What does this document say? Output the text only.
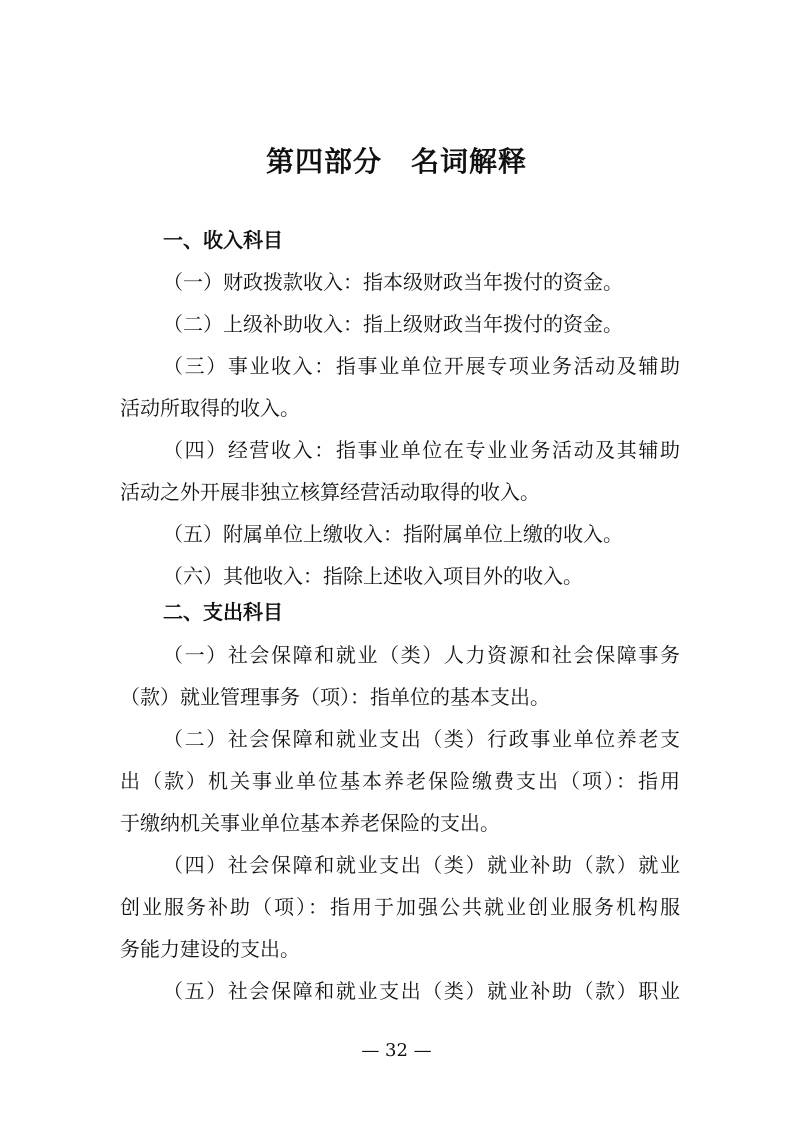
第四部分　名词解释
一、收入科目
（一）财政拨款收入：指本级财政当年拨付的资金。
（二）上级补助收入：指上级财政当年拨付的资金。
（三）事业收入：指事业单位开展专项业务活动及辅助
活动所取得的收入。
（四）经营收入：指事业单位在专业业务活动及其辅助
活动之外开展非独立核算经营活动取得的收入。
（五）附属单位上缴收入：指附属单位上缴的收入。
（六）其他收入：指除上述收入项目外的收入。
二、支出科目
（一）社会保障和就业（类）人力资源和社会保障事务
（款）就业管理事务（项）：指单位的基本支出。
（二）社会保障和就业支出（类）行政事业单位养老支
出（款）机关事业单位基本养老保险缴费支出（项）：指用
于缴纳机关事业单位基本养老保险的支出。
（四）社会保障和就业支出（类）就业补助（款）就业
创业服务补助（项）：指用于加强公共就业创业服务机构服
务能力建设的支出。
（五）社会保障和就业支出（类）就业补助（款）职业
— 32 —
